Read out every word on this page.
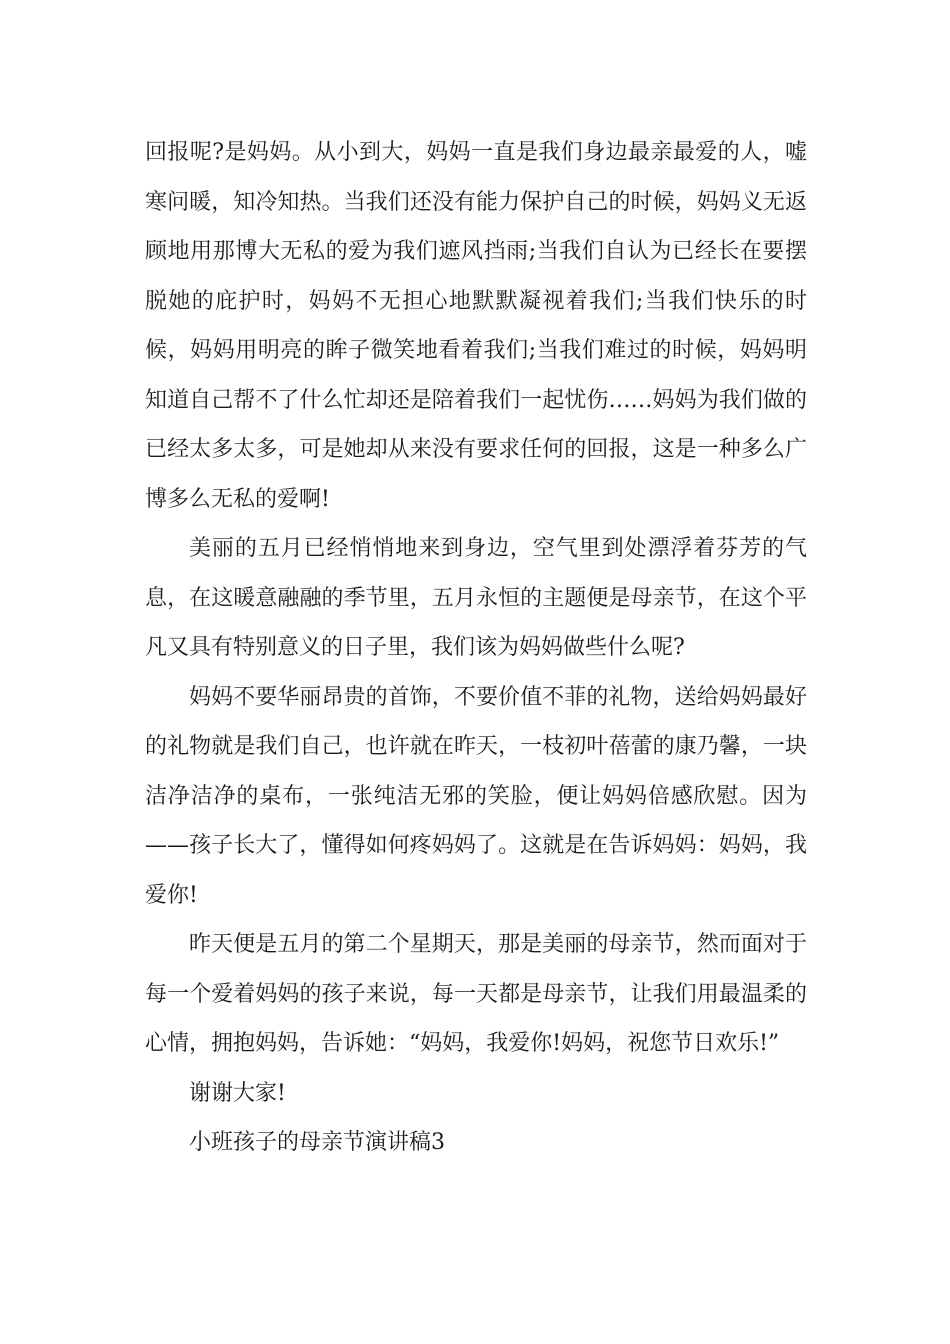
回报呢?是妈妈。从小到大，妈妈一直是我们身边最亲最爱的人，嘘寒问暖，知冷知热。当我们还没有能力保护自己的时候，妈妈义无返顾地用那博大无私的爱为我们遮风挡雨;当我们自认为已经长在要摆脱她的庇护时，妈妈不无担心地默默凝视着我们;当我们快乐的时候，妈妈用明亮的眸子微笑地看着我们;当我们难过的时候，妈妈明知道自己帮不了什么忙却还是陪着我们一起忧伤……妈妈为我们做的已经太多太多，可是她却从来没有要求任何的回报，这是一种多么广博多么无私的爱啊!

美丽的五月已经悄悄地来到身边，空气里到处漂浮着芬芳的气息，在这暖意融融的季节里，五月永恒的主题便是母亲节，在这个平凡又具有特别意义的日子里，我们该为妈妈做些什么呢?

妈妈不要华丽昂贵的首饰，不要价值不菲的礼物，送给妈妈最好的礼物就是我们自己，也许就在昨天，一枝初叶蓓蕾的康乃馨，一块洁净洁净的桌布，一张纯洁无邪的笑脸，便让妈妈倍感欣慰。因为——孩子长大了，懂得如何疼妈妈了。这就是在告诉妈妈：妈妈，我爱你!

昨天便是五月的第二个星期天，那是美丽的母亲节，然而面对于每一个爱着妈妈的孩子来说，每一天都是母亲节，让我们用最温柔的心情，拥抱妈妈，告诉她：“妈妈，我爱你!妈妈，祝您节日欢乐!”

谢谢大家!

小班孩子的母亲节演讲稿3
